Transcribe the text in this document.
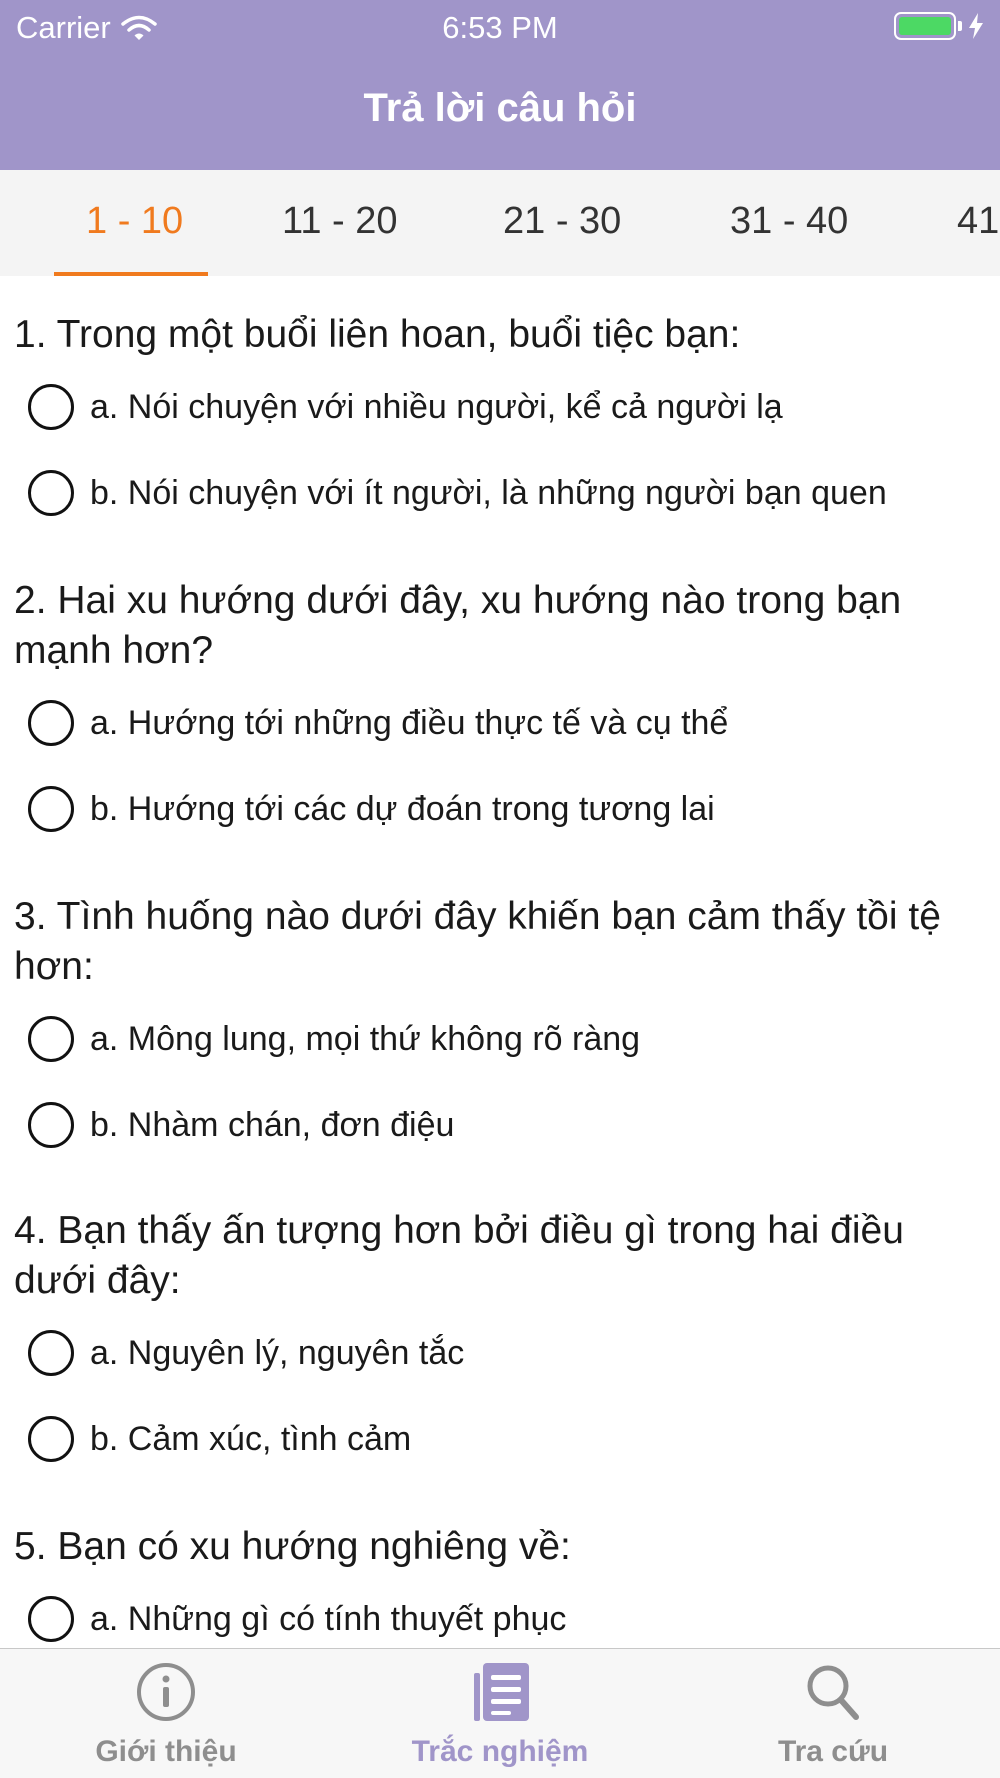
Carrier	6:53 PM
Trả lời câu hỏi
1 - 10	11 - 20	21 - 30	31 - 40	41
1. Trong một buổi liên hoan, buổi tiệc bạn:
a. Nói chuyện với nhiều người, kể cả người lạ
b. Nói chuyện với ít người, là những người bạn quen
2. Hai xu hướng dưới đây, xu hướng nào trong bạn mạnh hơn?
a. Hướng tới những điều thực tế và cụ thể
b. Hướng tới các dự đoán trong tương lai
3. Tình huống nào dưới đây khiến bạn cảm thấy tồi tệ hơn:
a. Mông lung, mọi thứ không rõ ràng
b. Nhàm chán, đơn điệu
4. Bạn thấy ấn tượng hơn bởi điều gì trong hai điều dưới đây:
a. Nguyên lý, nguyên tắc
b. Cảm xúc, tình cảm
5. Bạn có xu hướng nghiêng về:
a. Những gì có tính thuyết phục
Giới thiệu	Trắc nghiệm	Tra cứu
